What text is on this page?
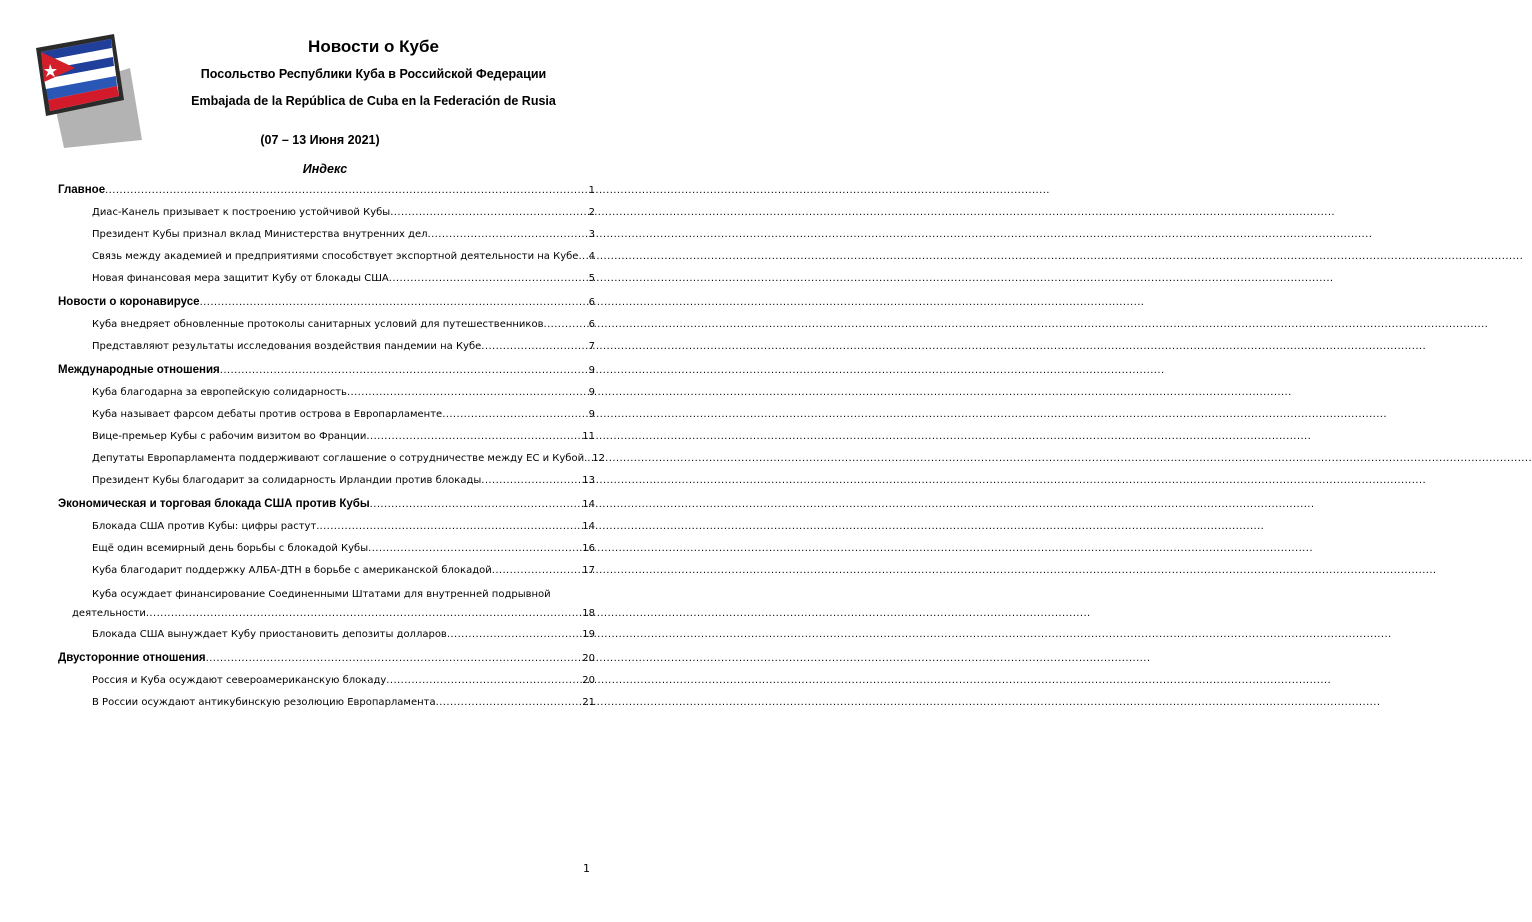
Новости о Кубе
Посольство Республики Куба в Российской Федерации
Embajada de la República de Cuba en la Federación de Rusia
(07 – 13 Июня 2021)
Индекс
Главное .....	1
Диас-Канель призывает к построению устойчивой Кубы .....	2
Президент Кубы признал вклад Министерства внутренних дел .....	3
Связь между академией и предприятиями способствует экспортной деятельности на Кубе ..... 4
Новая финансовая мера защитит Кубу от блокады США .....	5
Новости о коронавирусе .....	6
Куба внедряет обновленные протоколы санитарных условий для путешественников .....	6
Представляют результаты исследования воздействия пандемии на Кубе .....	7
Международные отношения .....	9
Куба благодарна за европейскую солидарность .....	9
Куба называет фарсом дебаты против острова в Европарламенте .....	9
Вице-премьер Кубы с рабочим визитом во Франции .....	11
Депутаты Европарламента поддерживают соглашение о сотрудничестве между ЕС и Кубой. ..... 12
Президент Кубы благодарит за солидарность Ирландии против блокады .....	13
Экономическая и торговая блокада США против Кубы .....	14
Блокада США против Кубы: цифры растут. .....	14
Ещё один всемирный день борьбы с блокадой Кубы .....	16
Куба благодарит поддержку АЛБА-ДТН в борьбе с американской блокадой .....	17
Куба осуждает финансирование Соединенными Штатами для внутренней подрывной
деятельности .....	18
Блокада США вынуждает Кубу приостановить депозиты долларов .....	19
Двусторонние отношения .....	20
Россия и Куба осуждают североамериканскую блокаду .....	20
В России осуждают антикубинскую резолюцию Европарламента .....	21
1
